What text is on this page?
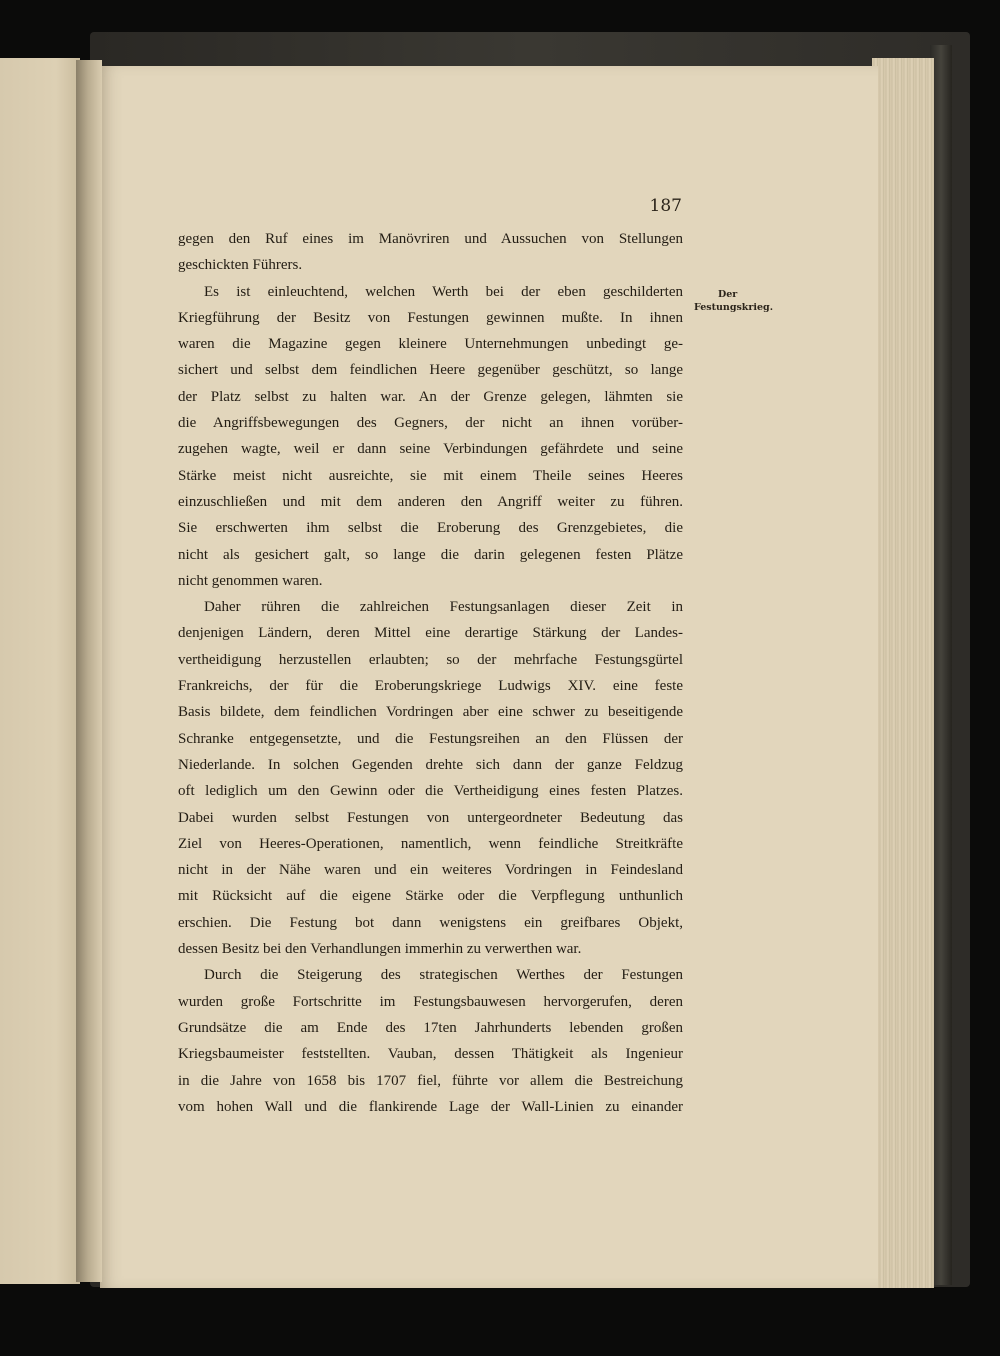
187
Der
Festungskrieg.
gegen den Ruf eines im Manövriren und Aussuchen von Stellungen
geschickten Führers.
Es ist einleuchtend, welchen Werth bei der eben geschilderten
Kriegführung der Besitz von Festungen gewinnen mußte. In ihnen
waren die Magazine gegen kleinere Unternehmungen unbedingt ge-
sichert und selbst dem feindlichen Heere gegenüber geschützt, so lange
der Platz selbst zu halten war. An der Grenze gelegen, lähmten sie
die Angriffsbewegungen des Gegners, der nicht an ihnen vorüber-
zugehen wagte, weil er dann seine Verbindungen gefährdete und seine
Stärke meist nicht ausreichte, sie mit einem Theile seines Heeres
einzuschließen und mit dem anderen den Angriff weiter zu führen.
Sie erschwerten ihm selbst die Eroberung des Grenzgebietes, die
nicht als gesichert galt, so lange die darin gelegenen festen Plätze
nicht genommen waren.
Daher rühren die zahlreichen Festungsanlagen dieser Zeit in
denjenigen Ländern, deren Mittel eine derartige Stärkung der Landes-
vertheidigung herzustellen erlaubten; so der mehrfache Festungsgürtel
Frankreichs, der für die Eroberungskriege Ludwigs XIV. eine feste
Basis bildete, dem feindlichen Vordringen aber eine schwer zu beseitigende
Schranke entgegensetzte, und die Festungsreihen an den Flüssen der
Niederlande. In solchen Gegenden drehte sich dann der ganze Feldzug
oft lediglich um den Gewinn oder die Vertheidigung eines festen Platzes.
Dabei wurden selbst Festungen von untergeordneter Bedeutung das
Ziel von Heeres-Operationen, namentlich, wenn feindliche Streitkräfte
nicht in der Nähe waren und ein weiteres Vordringen in Feindesland
mit Rücksicht auf die eigene Stärke oder die Verpflegung unthunlich
erschien. Die Festung bot dann wenigstens ein greifbares Objekt,
dessen Besitz bei den Verhandlungen immerhin zu verwerthen war.
Durch die Steigerung des strategischen Werthes der Festungen
wurden große Fortschritte im Festungsbauwesen hervorgerufen, deren
Grundsätze die am Ende des 17ten Jahrhunderts lebenden großen
Kriegsbaumeister feststellten. Vauban, dessen Thätigkeit als Ingenieur
in die Jahre von 1658 bis 1707 fiel, führte vor allem die Bestreichung
vom hohen Wall und die flankirende Lage der Wall-Linien zu einander
